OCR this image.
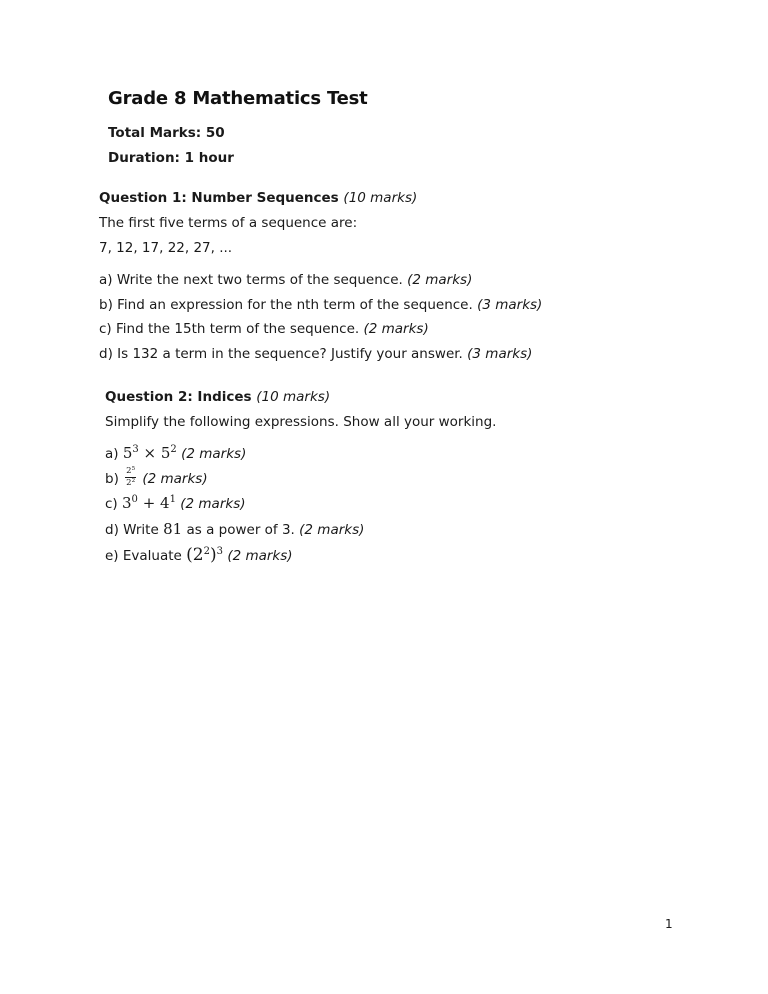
Grade 8 Mathematics Test
Total Marks: 50
Duration: 1 hour
Question 1: Number Sequences (10 marks)
The first five terms of a sequence are:
7, 12, 17, 22, 27, ...
a) Write the next two terms of the sequence. (2 marks)
b) Find an expression for the nth term of the sequence. (3 marks)
c) Find the 15th term of the sequence. (2 marks)
d) Is 132 a term in the sequence? Justify your answer. (3 marks)
Question 2: Indices (10 marks)
Simplify the following expressions. Show all your working.
a) $5^3 \times 5^2$ (2 marks)
$b) \frac{2^5}{2^2} (2$ marks)
c) $3^0 + 4^1$ (2 marks)
d) Write 81 as a power of 3. (2 marks)
e) Evaluate $(2^2)^3$ (2 marks)
1
